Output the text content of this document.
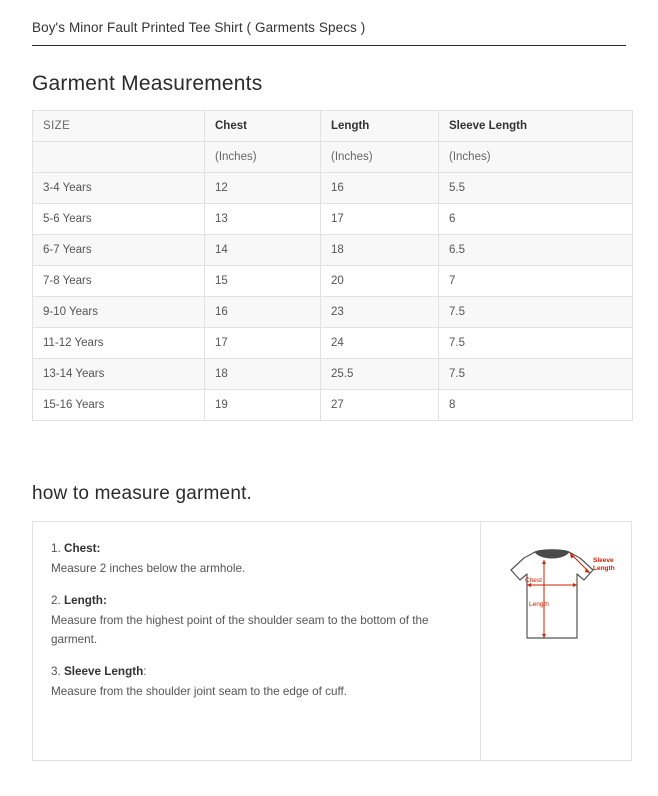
Boy's Minor Fault Printed Tee Shirt ( Garments Specs )
Garment Measurements
SIZE	Chest	Length	Sleeve Length
	(Inches)	(Inches)	(Inches)
3-4 Years	12	16	5.5
5-6 Years	13	17	6
6-7 Years	14	18	6.5
7-8 Years	15	20	7
9-10 Years	16	23	7.5
11-12 Years	17	24	7.5
13-14 Years	18	25.5	7.5
15-16 Years	19	27	8
how to measure garment.
1. Chest:
Measure 2 inches below the armhole.
2. Length:
Measure from the highest point of the shoulder seam to the bottom of the garment.
3. Sleeve Length:
Measure from the shoulder joint seam to the edge of cuff.
Chest
Length
Sleeve
Length
